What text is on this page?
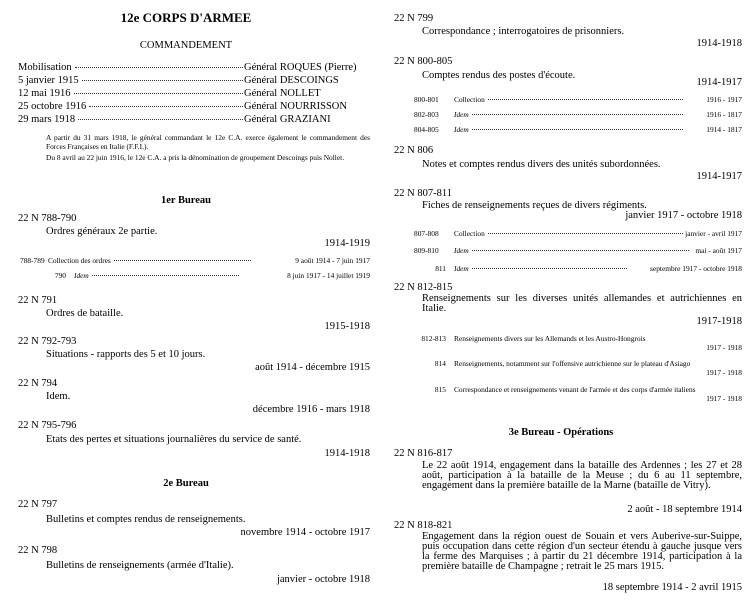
12e CORPS D'ARMEE
COMMANDEMENT
Mobilisation	Général ROQUES (Pierre)
5 janvier 1915	Général DESCOINGS
12 mai 1916	Général NOLLET
25 octobre 1916	Général NOURRISSON
29 mars 1918	Général GRAZIANI
A partir du 31 mars 1918, le général commandant le 12e C.A. exerce également le commandement des Forces Françaises en Italie (F.F.I.).
Du 8 avril au 22 juin 1916, le 12e C.A. a pris la dénomination de groupement Descoings puis Nollet.
1er Bureau
22 N 788-790
Ordres généraux 2e partie.
1914-1919
788-789 Collection des ordres	9 août 1914 - 7 juin 1917
790 Idem	8 juin 1917 - 14 juillet 1919
22 N 791
Ordres de bataille.
1915-1918
22 N 792-793
Situations - rapports des 5 et 10 jours.
août 1914 - décembre 1915
22 N 794
Idem.
décembre 1916 - mars 1918
22 N 795-796
Etats des pertes et situations journalières du service de santé.
1914-1918
2e Bureau
22 N 797
Bulletins et comptes rendus de renseignements.
novembre 1914 - octobre 1917
22 N 798
Bulletins de renseignements (armée d'Italie).
janvier - octobre 1918
22 N 799
Correspondance ; interrogatoires de prisonniers.
1914-1918
22 N 800-805
Comptes rendus des postes d'écoute.
1914-1917
800-801 Collection	1916 - 1917
802-803 Idem	1916 - 1817
804-805 Idem	1914 - 1817
22 N 806
Notes et comptes rendus divers des unités subordonnées.
1914-1917
22 N 807-811
Fiches de renseignements reçues de divers régiments.
janvier 1917 - octobre 1918
807-808 Collection	janvier - avril 1917
809-810 Idem	mai - août 1917
811 Idem	septembre 1917 - octobre 1918
22 N 812-815
Renseignements sur les diverses unités allemandes et autrichiennes en Italie.
1917-1918
812-813 Renseignements divers sur les Allemands et les Austro-Hongrois
1917 - 1918
814 Renseignements, notamment sur l'offensive autrichienne sur le plateau d'Asiago
1917 - 1918
815 Correspondance et renseignements venant de l'armée et des corps d'armée italiens
1917 - 1918
3e Bureau - Opérations
22 N 816-817
Le 22 août 1914, engagement dans la bataille des Ardennes ; les 27 et 28 août, participation à la bataille de la Meuse ; du 6 au 11 septembre, engagement dans la première bataille de la Marne (bataille de Vitry).
2 août - 18 septembre 1914
22 N 818-821
Engagement dans la région ouest de Souain et vers Auberive-sur-Suippe, puis occupation dans cette région d'un secteur étendu à gauche jusque vers la ferme des Marquises ; à partir du 21 décembre 1914, participation à la première bataille de Champagne ; retrait le 25 mars 1915.
18 septembre 1914 - 2 avril 1915
